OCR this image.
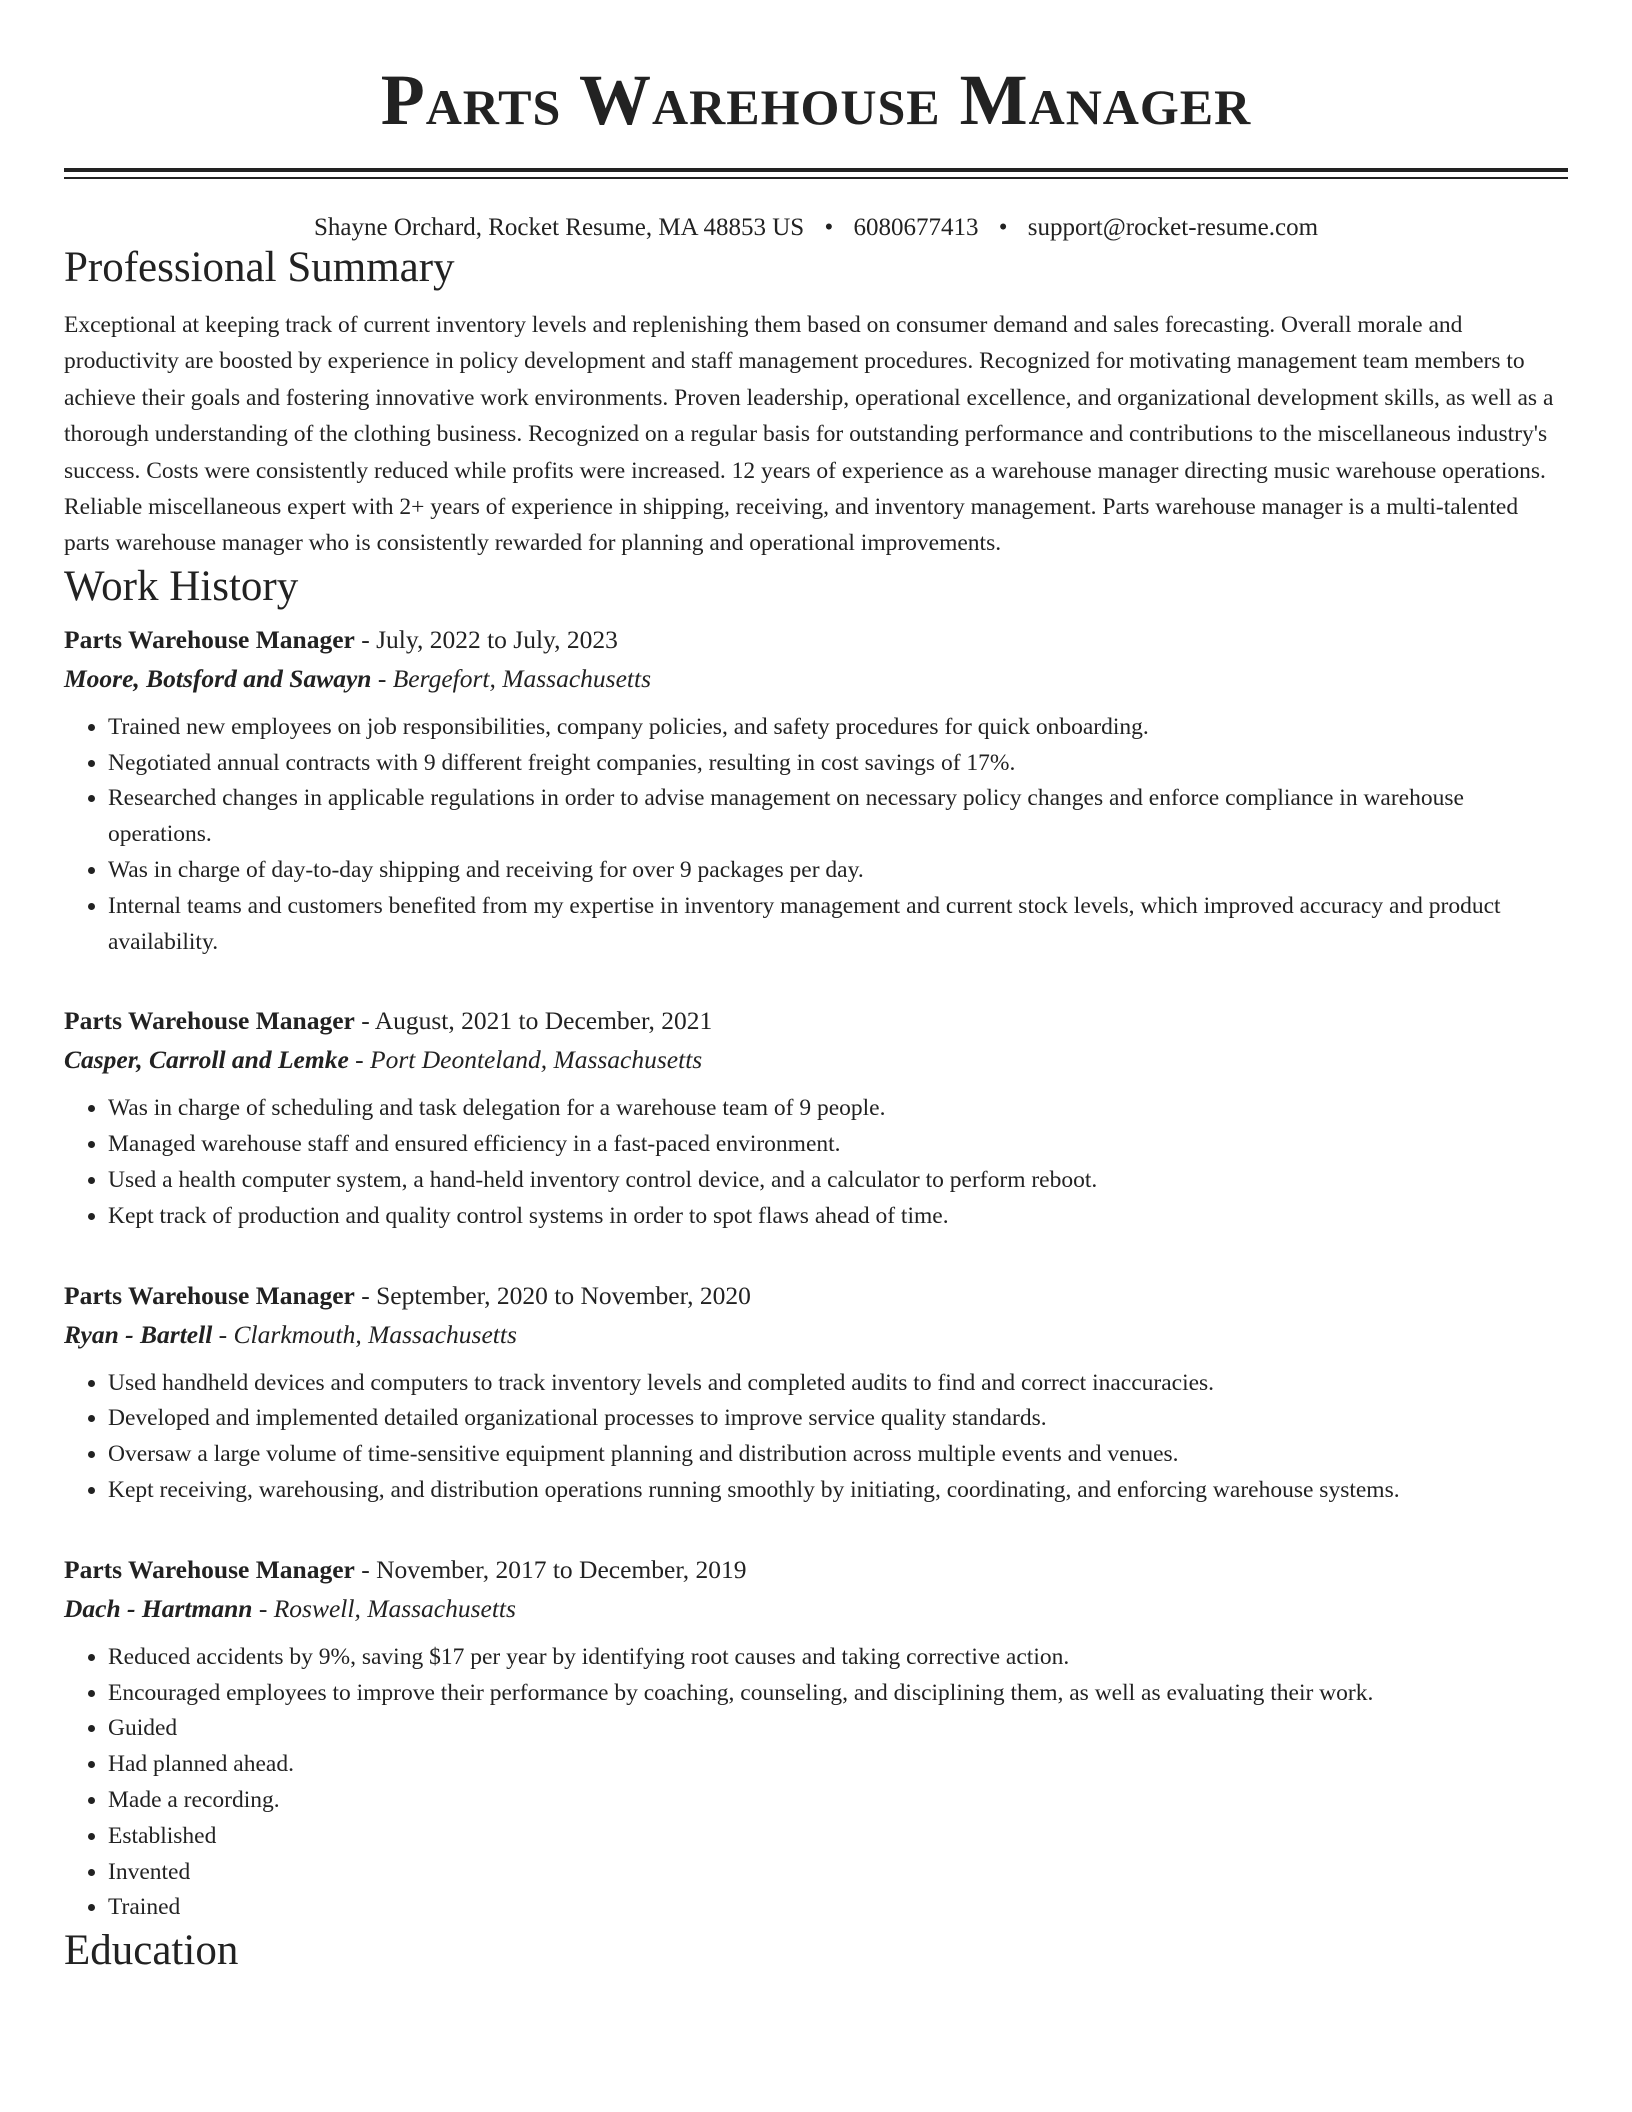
Parts Warehouse Manager
Shayne Orchard, Rocket Resume, MA 48853 US • 6080677413 • support@rocket-resume.com
Professional Summary

Exceptional at keeping track of current inventory levels and replenishing them based on consumer demand and sales forecasting. Overall morale and productivity are boosted by experience in policy development and staff management procedures. Recognized for motivating management team members to achieve their goals and fostering innovative work environments. Proven leadership, operational excellence, and organizational development skills, as well as a thorough understanding of the clothing business. Recognized on a regular basis for outstanding performance and contributions to the miscellaneous industry's success. Costs were consistently reduced while profits were increased. 12 years of experience as a warehouse manager directing music warehouse operations. Reliable miscellaneous expert with 2+ years of experience in shipping, receiving, and inventory management. Parts warehouse manager is a multi-talented parts warehouse manager who is consistently rewarded for planning and operational improvements.

Work History
Parts Warehouse Manager - July, 2022 to July, 2023
Moore, Botsford and Sawayn - Bergefort, Massachusetts
• Trained new employees on job responsibilities, company policies, and safety procedures for quick onboarding.
• Negotiated annual contracts with 9 different freight companies, resulting in cost savings of 17%.
• Researched changes in applicable regulations in order to advise management on necessary policy changes and enforce compliance in warehouse operations.
• Was in charge of day-to-day shipping and receiving for over 9 packages per day.
• Internal teams and customers benefited from my expertise in inventory management and current stock levels, which improved accuracy and product availability.
Parts Warehouse Manager - August, 2021 to December, 2021
Casper, Carroll and Lemke - Port Deonteland, Massachusetts
• Was in charge of scheduling and task delegation for a warehouse team of 9 people.
• Managed warehouse staff and ensured efficiency in a fast-paced environment.
• Used a health computer system, a hand-held inventory control device, and a calculator to perform reboot.
• Kept track of production and quality control systems in order to spot flaws ahead of time.
Parts Warehouse Manager - September, 2020 to November, 2020
Ryan - Bartell - Clarkmouth, Massachusetts
• Used handheld devices and computers to track inventory levels and completed audits to find and correct inaccuracies.
• Developed and implemented detailed organizational processes to improve service quality standards.
• Oversaw a large volume of time-sensitive equipment planning and distribution across multiple events and venues.
• Kept receiving, warehousing, and distribution operations running smoothly by initiating, coordinating, and enforcing warehouse systems.
Parts Warehouse Manager - November, 2017 to December, 2019
Dach - Hartmann - Roswell, Massachusetts
• Reduced accidents by 9%, saving $17 per year by identifying root causes and taking corrective action.
• Encouraged employees to improve their performance by coaching, counseling, and disciplining them, as well as evaluating their work.
• Guided
• Had planned ahead.
• Made a recording.
• Established
• Invented
• Trained
Education
